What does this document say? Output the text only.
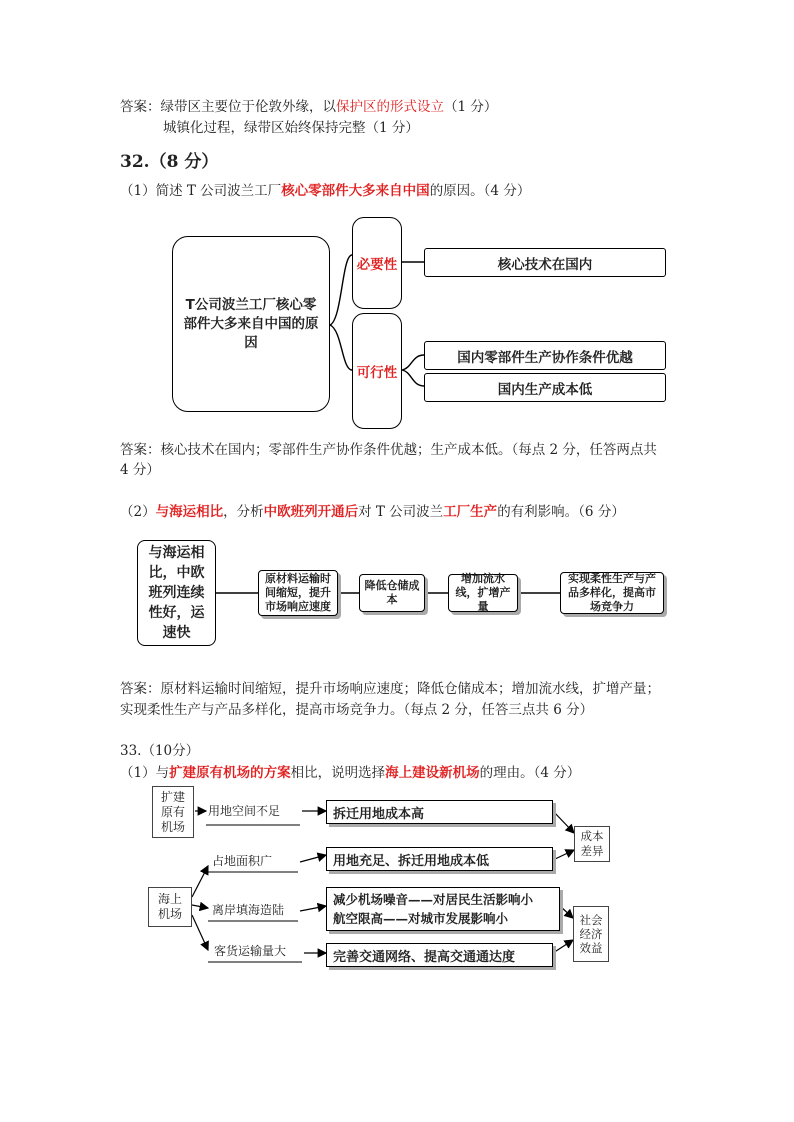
答案：绿带区主要位于伦敦外缘，以保护区的形式设立（1 分）
城镇化过程，绿带区始终保持完整（1 分）
32.（8 分）
（1）简述 T 公司波兰工厂核心零部件大多来自中国的原因。（4 分）
T公司波兰工厂核心零部件大多来自中国的原因
必要性
可行性
核心技术在国内
国内零部件生产协作条件优越
国内生产成本低
答案：核心技术在国内；零部件生产协作条件优越；生产成本低。（每点 2 分，任答两点共
4 分）
（2）与海运相比，分析中欧班列开通后对 T 公司波兰工厂生产的有利影响。（6 分）
与海运相比，中欧班列连续性好，运速快
原材料运输时间缩短，提升市场响应速度
降低仓储成本
增加流水线，扩增产量
实现柔性生产与产品多样化，提高市场竞争力
答案：原材料运输时间缩短，提升市场响应速度；降低仓储成本；增加流水线，扩增产量；
实现柔性生产与产品多样化，提高市场竞争力。（每点 2 分，任答三点共 6 分）
33.（10分）
（1）与扩建原有机场的方案相比，说明选择海上建设新机场的理由。（4 分）
扩建原有机场
用地空间不足	拆迁用地成本高
海上机场
占地面积广	用地充足、拆迁用地成本低
离岸填海造陆
减少机场噪音——对居民生活影响小
航空限高——对城市发展影响小
客货运输量大	完善交通网络、提高交通通达度
成本差异
社会经济效益
